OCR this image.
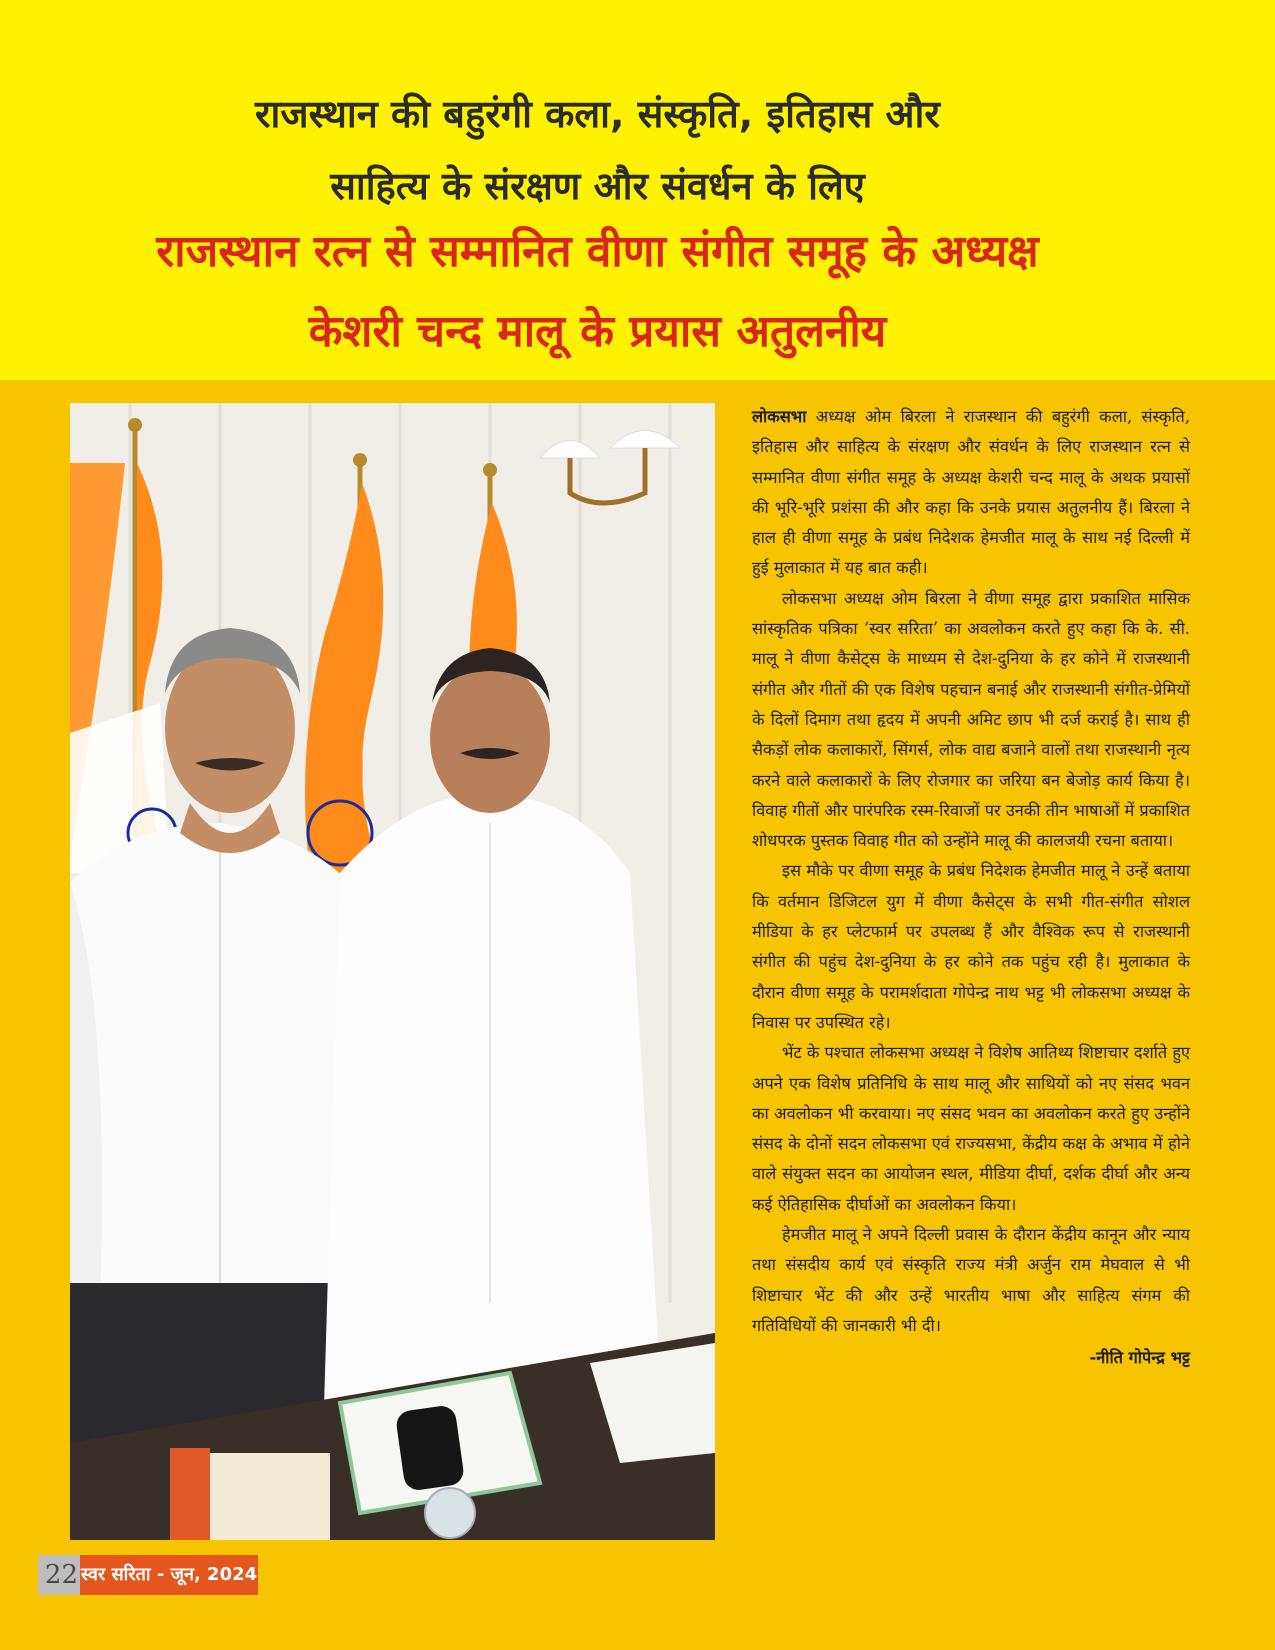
राजस्थान की बहुरंगी कला, संस्कृति, इतिहास और
साहित्य के संरक्षण और संवर्धन के लिए
राजस्थान रत्न से सम्मानित वीणा संगीत समूह के अध्यक्ष
केशरी चन्द मालू के प्रयास अतुलनीय

लोकसभा अध्यक्ष ओम बिरला ने राजस्थान की बहुरंगी कला, संस्कृति, इतिहास और साहित्य के संरक्षण और संवर्धन के लिए राजस्थान रत्न से सम्मानित वीणा संगीत समूह के अध्यक्ष केशरी चन्द मालू के अथक प्रयासों की भूरि-भूरि प्रशंसा की और कहा कि उनके प्रयास अतुलनीय हैं। बिरला ने हाल ही वीणा समूह के प्रबंध निदेशक हेमजीत मालू के साथ नई दिल्ली में हुई मुलाकात में यह बात कही।

लोकसभा अध्यक्ष ओम बिरला ने वीणा समूह द्वारा प्रकाशित मासिक सांस्कृतिक पत्रिका ‘स्वर सरिता’ का अवलोकन करते हुए कहा कि के. सी. मालू ने वीणा कैसेट्स के माध्यम से देश-दुनिया के हर कोने में राजस्थानी संगीत और गीतों की एक विशेष पहचान बनाई और राजस्थानी संगीत-प्रेमियों के दिलों दिमाग तथा हृदय में अपनी अमिट छाप भी दर्ज कराई है। साथ ही सैकड़ों लोक कलाकारों, सिंगर्स, लोक वाद्य बजाने वालों तथा राजस्थानी नृत्य करने वाले कलाकारों के लिए रोजगार का जरिया बन बेजोड़ कार्य किया है। विवाह गीतों और पारंपरिक रस्म-रिवाजों पर उनकी तीन भाषाओं में प्रकाशित शोधपरक पुस्तक विवाह गीत को उन्होंने मालू की कालजयी रचना बताया।

इस मौके पर वीणा समूह के प्रबंध निदेशक हेमजीत मालू ने उन्हें बताया कि वर्तमान डिजिटल युग में वीणा कैसेट्स के सभी गीत-संगीत सोशल मीडिया के हर प्लेटफार्म पर उपलब्ध हैं और वैश्विक रूप से राजस्थानी संगीत की पहुंच देश-दुनिया के हर कोने तक पहुंच रही है। मुलाकात के दौरान वीणा समूह के परामर्शदाता गोपेन्द्र नाथ भट्ट भी लोकसभा अध्यक्ष के निवास पर उपस्थित रहे।

भेंट के पश्चात लोकसभा अध्यक्ष ने विशेष आतिथ्य शिष्टाचार दर्शाते हुए अपने एक विशेष प्रतिनिधि के साथ मालू और साथियों को नए संसद भवन का अवलोकन भी करवाया। नए संसद भवन का अवलोकन करते हुए उन्होंने संसद के दोनों सदन लोकसभा एवं राज्यसभा, केंद्रीय कक्ष के अभाव में होने वाले संयुक्त सदन का आयोजन स्थल, मीडिया दीर्घा, दर्शक दीर्घा और अन्य कई ऐतिहासिक दीर्घाओं का अवलोकन किया।

हेमजीत मालू ने अपने दिल्ली प्रवास के दौरान केंद्रीय कानून और न्याय तथा संसदीय कार्य एवं संस्कृति राज्य मंत्री अर्जुन राम मेघवाल से भी शिष्टाचार भेंट की और उन्हें भारतीय भाषा और साहित्य संगम की गतिविधियों की जानकारी भी दी।

-नीति गोपेन्द्र भट्ट
22 स्वर सरिता - जून, 2024
